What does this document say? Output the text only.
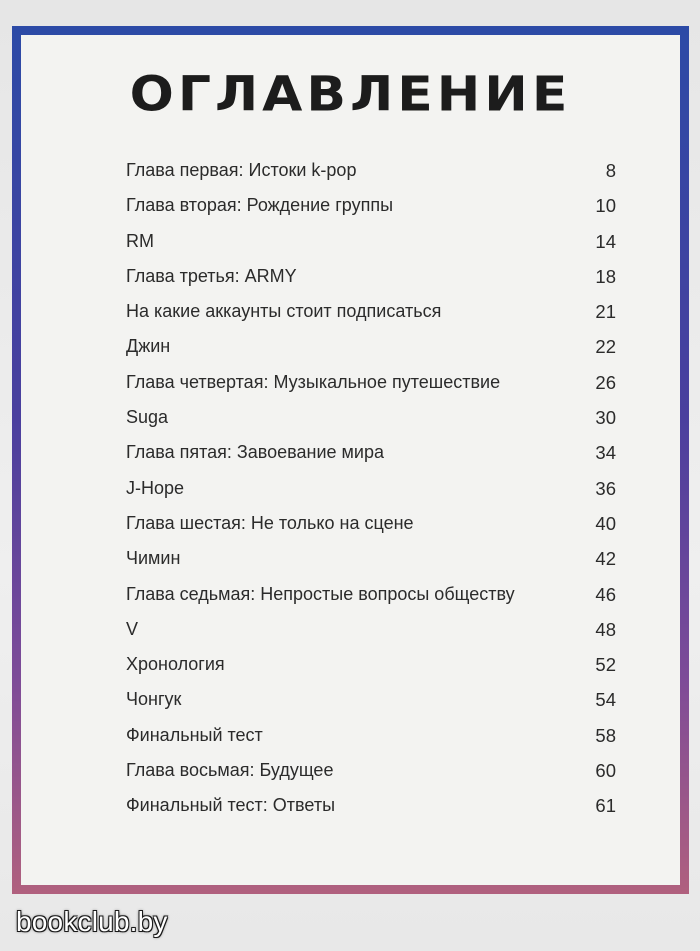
ОГЛАВЛЕНИЕ
Глава первая: Истоки k-pop	8
Глава вторая: Рождение группы	10
RM	14
Глава третья: ARMY	18
На какие аккаунты стоит подписаться	21
Джин	22
Глава четвертая: Музыкальное путешествие	26
Suga	30
Глава пятая: Завоевание мира	34
J-Hope	36
Глава шестая: Не только на сцене	40
Чимин	42
Глава седьмая: Непростые вопросы обществу	46
V	48
Хронология	52
Чонгук	54
Финальный тест	58
Глава восьмая: Будущее	60
Финальный тест: Ответы	61
bookclub.by
